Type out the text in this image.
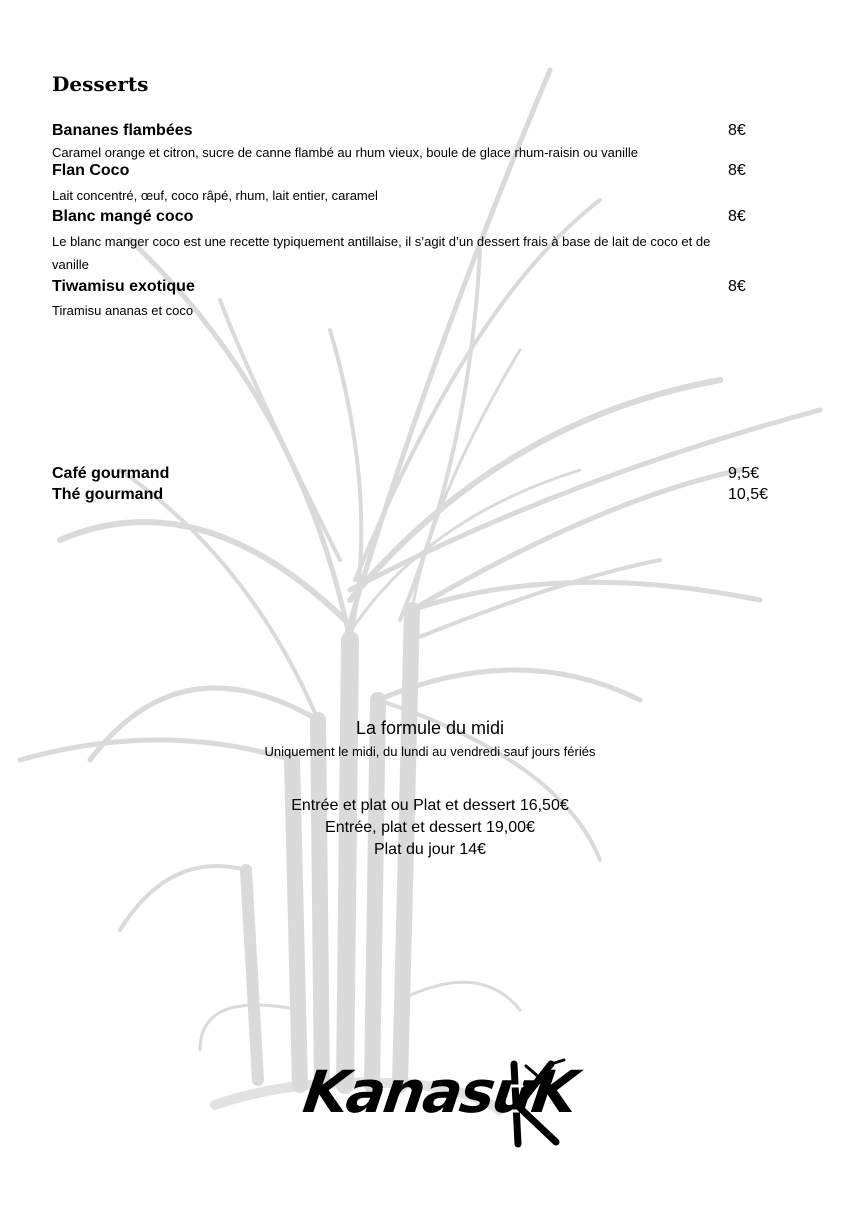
Desserts

Bananes flambées	8€

Caramel orange et citron, sucre de canne flambé au rhum vieux, boule de glace rhum-raisin ou vanille

Flan Coco	8€

Lait concentré, œuf, coco râpé, rhum, lait entier, caramel

Blanc mangé coco	8€

Le blanc manger coco est une recette typiquement antillaise, il s’agit d’un dessert frais à base de lait de coco et de vanille

Tiwamisu exotique	8€

Tiramisu ananas et coco

Café gourmand	9,5€

Thé gourmand	10,5€

La formule du midi

Uniquement le midi, du lundi au vendredi sauf jours fériés

Entrée et plat ou Plat et dessert 16,50€

Entrée, plat et dessert 19,00€

Plat du jour 14€

KanasuK
